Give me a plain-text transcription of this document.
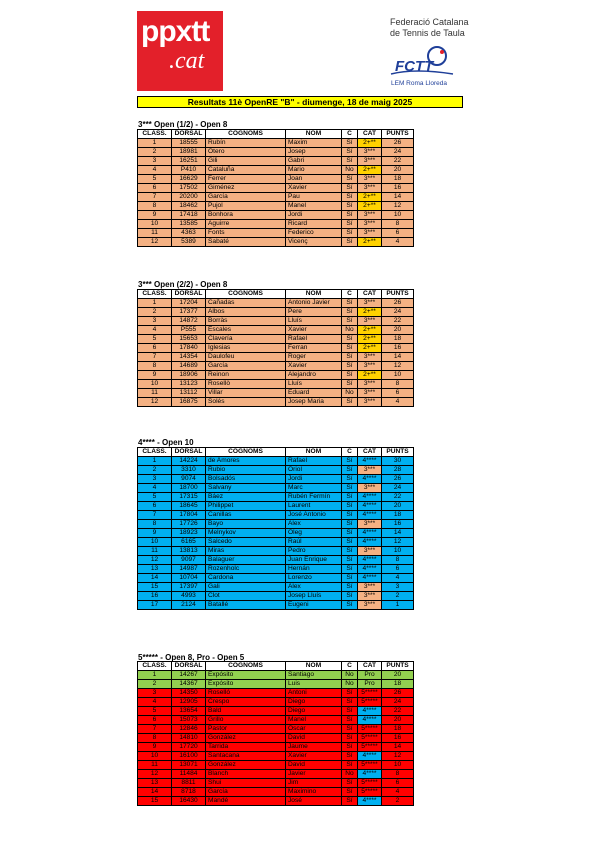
ppxtt
.cat
Federació Catalana
de Tennis de Taula
FCTT
LEM Roma Lloreda
Resultats 11è OpenRE "B" - diumenge, 18 de maig 2025
3*** Open (1/2) - Open 8
CLASS.	DORSAL	COGNOMS	NOM	C	CAT	PUNTS
1	18555	Rubín	Maxim	Sí	2+**	26
2	18981	Otero	Josep	Sí	3***	24
3	16251	Gili	Gabri	Sí	3***	22
4	P410	Cataluña	Mario	No	2+**	20
5	16629	Ferrer	Joan	Sí	3***	18
6	17502	Giménez	Xavier	Sí	3***	16
7	20200	García	Pau	Sí	2+**	14
8	18462	Pujol	Manel	Sí	2+**	12
9	17418	Bonhora	Jordi	Sí	3***	10
10	13585	Aguirre	Ricard	Sí	3***	8
11	4363	Fonts	Federico	Sí	3***	6
12	5389	Sabaté	Vicenç	Sí	2+**	4
3*** Open (2/2) - Open 8
CLASS.	DORSAL	COGNOMS	NOM	C	CAT	PUNTS
1	17204	Cañadas	Antonio Javier	Sí	3***	26
2	17377	Albos	Pere	Sí	2+**	24
3	14872	Borràs	Lluís	Sí	3***	22
4	P555	Escales	Xavier	No	2+**	20
5	15653	Clavería	Rafael	Sí	2+**	18
6	17840	Iglesias	Ferran	Sí	2+**	16
7	14354	Daulofeu	Roger	Sí	3***	14
8	14689	García	Xavier	Sí	3***	12
9	18906	Reinon	Alejandro	Sí	2+**	10
10	13123	Rosellò	Lluís	Sí	3***	8
11	13112	Villar	Eduard	No	3***	6
12	16875	Solés	Josep Maria	Sí	3***	4
4**** - Open 10
CLASS.	DORSAL	COGNOMS	NOM	C	CAT	PUNTS
1	14224	de Amores	Rafael	Sí	4****	30
2	3310	Rubio	Oriol	Sí	3***	28
3	9074	Bolsadós	Jordi	Sí	4****	26
4	18700	Salvany	Marc	Sí	3***	24
5	17315	Báez	Rubén Fermín	Sí	4****	22
6	18645	Philippet	Laurent	Sí	4****	20
7	17804	Canillas	José Antonio	Sí	4****	18
8	17726	Bayo	Alex	Sí	3***	16
9	18923	Melnykov	Oleg	Sí	4****	14
10	6165	Salcedo	Raúl	Sí	4****	12
11	13813	Miras	Pedro	Sí	3***	10
12	9097	Balaguer	Juan Enrique	Sí	4****	8
13	14987	Rozenholc	Hernán	Sí	4****	6
14	10704	Cardona	Lorenzo	Sí	4****	4
15	17397	Gali	Alex	Sí	3***	3
16	4993	Clot	Josep Lluís	Sí	3***	2
17	2124	Batallé	Eugeni	Sí	3***	1
5***** - Open 8, Pro - Open 5
CLASS.	DORSAL	COGNOMS	NOM	C	CAT	PUNTS
1	14267	Expósito	Santiago	No	Pro	20
2	14367	Expósito	Luis	No	Pro	18
3	14350	Roselló	Antoni	Sí	5*****	26
4	12905	Crespo	Diego	Sí	5*****	24
5	13654	Bald	Diego	Sí	4****	22
6	15073	Grillo	Manel	Sí	4****	20
7	12846	Pastor	Oscar	Sí	5*****	18
8	14810	González	David	Sí	5*****	16
9	17720	Tarrida	Jaume	Sí	5*****	14
10	16100	Santacana	Xavier	Sí	4****	12
11	13071	González	David	Sí	5*****	10
12	11484	Blanch	Javier	No	4****	8
13	8811	Shui	Jim	Sí	5*****	6
14	8718	García	Maximino	Sí	5*****	4
15	16430	Mandé	José	Sí	4****	2
